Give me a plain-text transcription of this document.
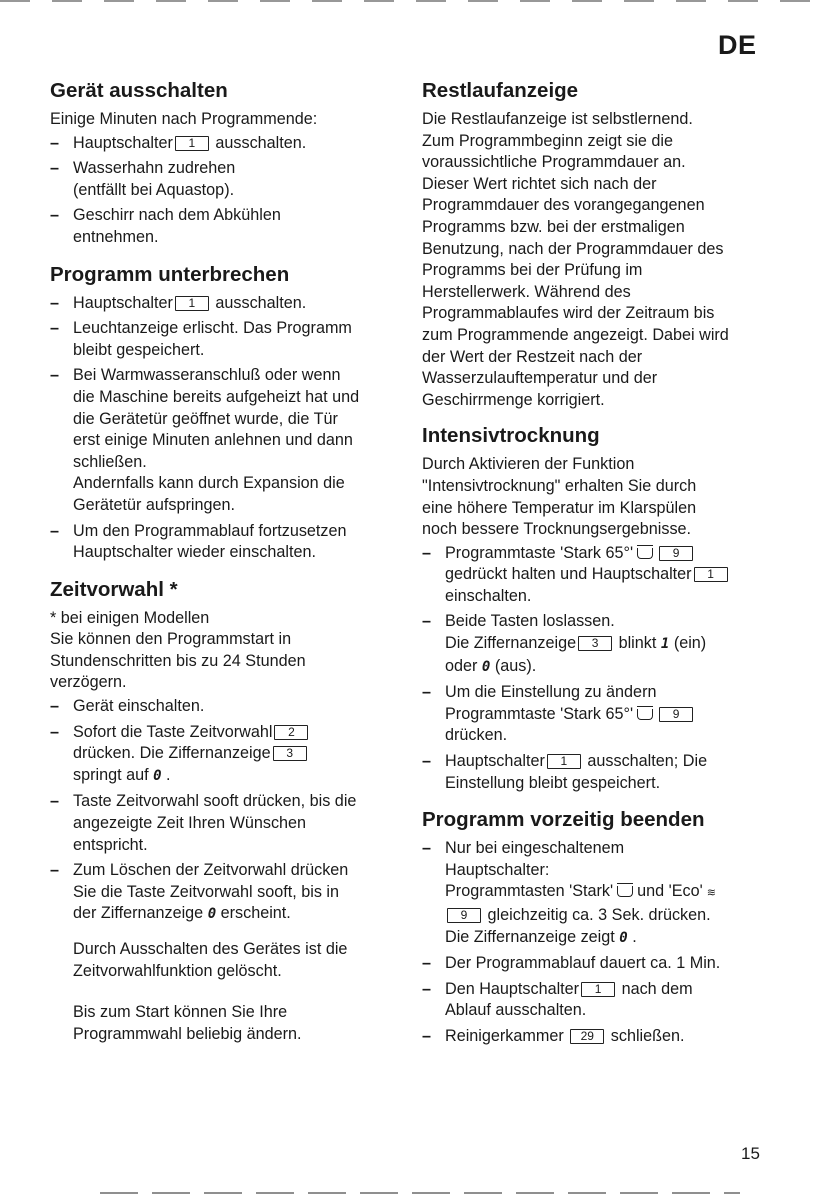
DE
Gerät ausschalten

Einige Minuten nach Programmende:

– Hauptschalter 1 ausschalten.
– Wasserhahn zudrehen
(entfällt bei Aquastop).
– Geschirr nach dem Abkühlen
entnehmen.
Programm unterbrechen
– Hauptschalter 1 ausschalten.
– Leuchtanzeige erlischt. Das Programm
bleibt gespeichert.
– Bei Warmwasseranschluß oder wenn
die Maschine bereits aufgeheizt hat und
die Gerätetür geöffnet wurde, die Tür
erst einige Minuten anlehnen und dann
schließen.
Andernfalls kann durch Expansion die
Gerätetür aufspringen.
– Um den Programmablauf fortzusetzen
Hauptschalter wieder einschalten.
Zeitvorwahl *

* bei einigen Modellen

Sie können den Programmstart in
Stundenschritten bis zu 24 Stunden
verzögern.

– Gerät einschalten.
– Sofort die Taste Zeitvorwahl 2
drücken. Die Ziffernanzeige 3
springt auf 0 .
– Taste Zeitvorwahl sooft drücken, bis die
angezeigte Zeit Ihren Wünschen
entspricht.
– Zum Löschen der Zeitvorwahl drücken
Sie die Taste Zeitvorwahl sooft, bis in
der Ziffernanzeige 0 erscheint.

Durch Ausschalten des Gerätes ist die
Zeitvorwahlfunktion gelöscht.

Bis zum Start können Sie Ihre
Programmwahl beliebig ändern.

Restlaufanzeige

Die Restlaufanzeige ist selbstlernend.
Zum Programmbeginn zeigt sie die
voraussichtliche Programmdauer an.
Dieser Wert richtet sich nach der
Programmdauer des vorangegangenen
Programms bzw. bei der erstmaligen
Benutzung, nach der Programmdauer des
Programms bei der Prüfung im
Herstellerwerk. Während des
Programmablaufes wird der Zeitraum bis
zum Programmende angezeigt. Dabei wird
der Wert der Restzeit nach der
Wasserzulauftemperatur und der
Geschirrmenge korrigiert.

Intensivtrocknung

Durch Aktivieren der Funktion
"Intensivtrocknung" erhalten Sie durch
eine höhere Temperatur im Klarspülen
noch bessere Trocknungsergebnisse.

– Programmtaste 'Stark 65°'	9
gedrückt halten und Hauptschalter 1
einschalten.
– Beide Tasten loslassen.
Die Ziffernanzeige 3 blinkt 1 (ein)
oder 0 (aus).
– Um die Einstellung zu ändern
Programmtaste 'Stark 65°'	9
drücken.
– Hauptschalter 1 ausschalten; Die
Einstellung bleibt gespeichert.
Programm vorzeitig beenden
– Nur bei eingeschaltenem
Hauptschalter:
Programmtasten 'Stark' und 'Eco' ≋
9 gleichzeitig ca. 3 Sek. drücken.
Die Ziffernanzeige zeigt 0 .
– Der Programmablauf dauert ca. 1 Min.
– Den Hauptschalter 1 nach dem
Ablauf ausschalten.
– Reinigerkammer 29 schließen.
15
